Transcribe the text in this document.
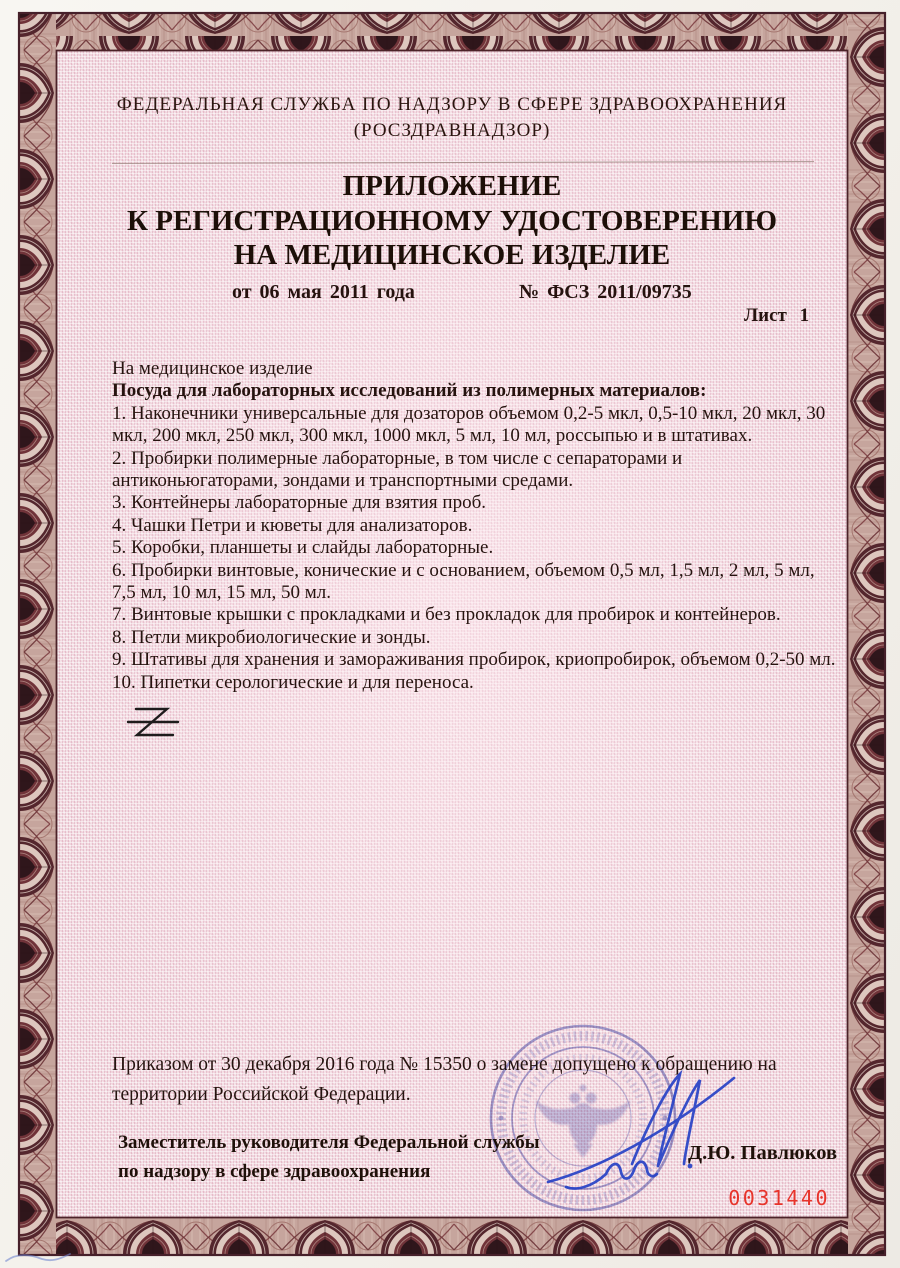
ФЕДЕРАЛЬНАЯ СЛУЖБА ПО НАДЗОРУ В СФЕРЕ ЗДРАВООХРАНЕНИЯ
(РОСЗДРАВНАДЗОР)
ПРИЛОЖЕНИЕ
К РЕГИСТРАЦИОННОМУ УДОСТОВЕРЕНИЮ
НА МЕДИЦИНСКОЕ ИЗДЕЛИЕ
от 06 мая 2011 года	№ ФСЗ 2011/09735
Лист 1
На медицинское изделие
Посуда для лабораторных исследований из полимерных материалов:
1. Наконечники универсальные для дозаторов объемом 0,2-5 мкл, 0,5-10 мкл, 20 мкл, 30 мкл, 200 мкл, 250 мкл, 300 мкл, 1000 мкл, 5 мл, 10 мл, россыпью и в штативах.
2. Пробирки полимерные лабораторные, в том числе с сепараторами и антиконьюгаторами, зондами и транспортными средами.
3. Контейнеры лабораторные для взятия проб.
4. Чашки Петри и кюветы для анализаторов.
5. Коробки, планшеты и слайды лабораторные.
6. Пробирки винтовые, конические и с основанием, объемом 0,5 мл, 1,5 мл, 2 мл, 5 мл, 7,5 мл, 10 мл, 15 мл, 50 мл.
7. Винтовые крышки с прокладками и без прокладок для пробирок и контейнеров.
8. Петли микробиологические и зонды.
9. Штативы для хранения и замораживания пробирок, криопробирок, объемом 0,2-50 мл.
10. Пипетки серологические и для переноса.
Приказом от 30 декабря 2016 года № 15350 о замене допущено к обращению на территории Российской Федерации.
Заместитель руководителя Федеральной службы
по надзору в сфере здравоохранения
Д.Ю. Павлюков
0031440
